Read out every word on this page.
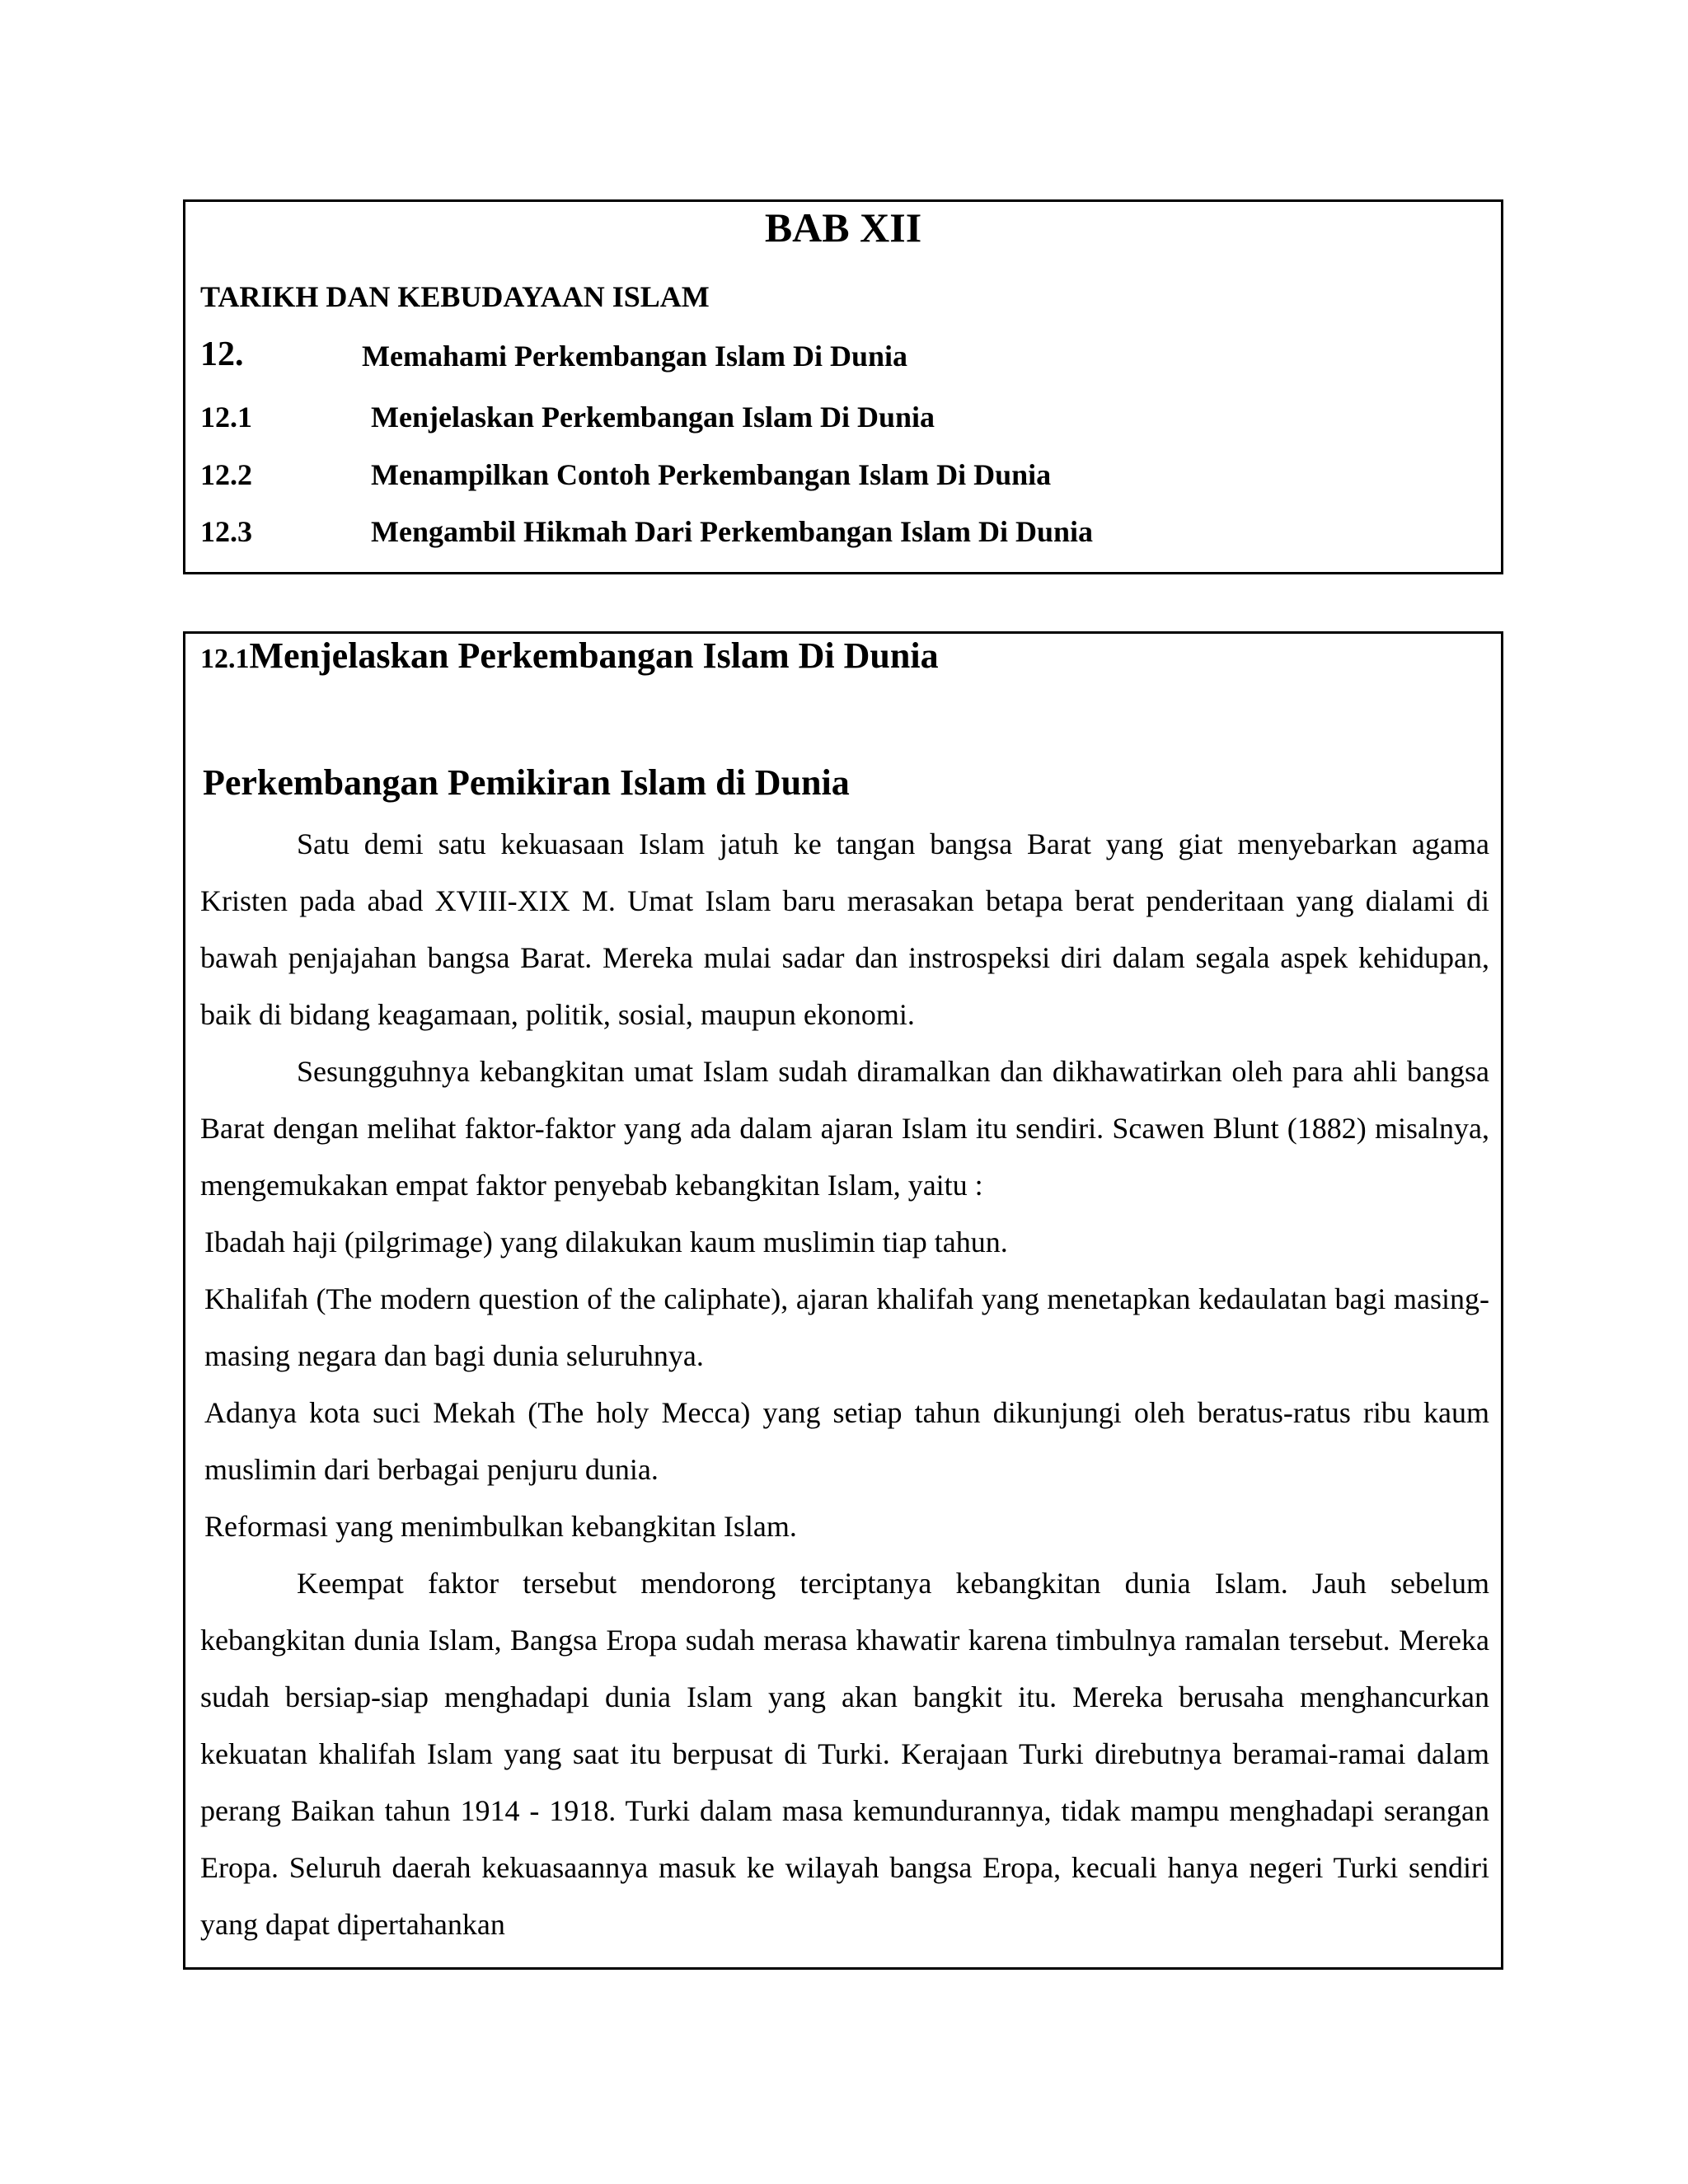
BAB XII
TARIKH DAN KEBUDAYAAN ISLAM
12.	Memahami Perkembangan Islam Di Dunia
12.1	Menjelaskan Perkembangan Islam Di Dunia
12.2	Menampilkan Contoh Perkembangan Islam Di Dunia
12.3	Mengambil Hikmah Dari Perkembangan Islam Di Dunia
12.1Menjelaskan Perkembangan Islam Di Dunia
Perkembangan Pemikiran Islam di Dunia

Satu demi satu kekuasaan Islam jatuh ke tangan bangsa Barat yang giat menyebarkan agama Kristen pada abad XVIII-XIX M. Umat Islam baru merasakan betapa berat penderitaan yang dialami di bawah penjajahan bangsa Barat. Mereka mulai sadar dan instrospeksi diri dalam segala aspek kehidupan, baik di bidang keagamaan, politik, sosial, maupun ekonomi.

Sesungguhnya kebangkitan umat Islam sudah diramalkan dan dikhawatirkan oleh para ahli bangsa Barat dengan melihat faktor-faktor yang ada dalam ajaran Islam itu sendiri. Scawen Blunt (1882) misalnya, mengemukakan empat faktor penyebab kebangkitan Islam, yaitu :

Ibadah haji (pilgrimage) yang dilakukan kaum muslimin tiap tahun.

Khalifah (The modern question of the caliphate), ajaran khalifah yang menetapkan kedaulatan bagi masing-masing negara dan bagi dunia seluruhnya.

Adanya kota suci Mekah (The holy Mecca) yang setiap tahun dikunjungi oleh beratus-ratus ribu kaum muslimin dari berbagai penjuru dunia.

Reformasi yang menimbulkan kebangkitan Islam.

Keempat faktor tersebut mendorong terciptanya kebangkitan dunia Islam. Jauh sebelum kebangkitan dunia Islam, Bangsa Eropa sudah merasa khawatir karena timbulnya ramalan tersebut. Mereka sudah bersiap-siap menghadapi dunia Islam yang akan bangkit itu. Mereka berusaha menghancurkan kekuatan khalifah Islam yang saat itu berpusat di Turki. Kerajaan Turki direbutnya beramai-ramai dalam perang Baikan tahun 1914 - 1918. Turki dalam masa kemundurannya, tidak mampu menghadapi serangan Eropa. Seluruh daerah kekuasaannya masuk ke wilayah bangsa Eropa, kecuali hanya negeri Turki sendiri yang dapat dipertahankan
